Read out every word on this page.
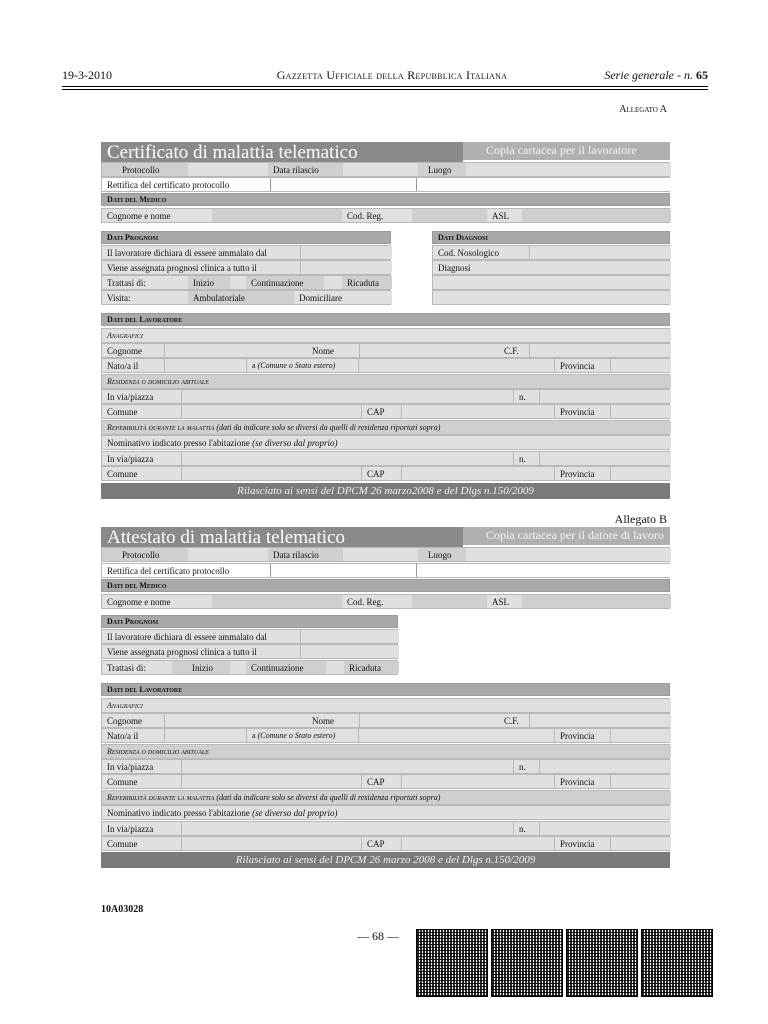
19-3-2010	Gazzetta Ufficiale della Repubblica Italiana	Serie generale - n. 65
Allegato A
Certificato di malattia telematico	Copia cartacea per il lavoratore
Protocollo	Data rilascio	Luogo
Rettifica del certificato protocollo
Dati del Medico
Cognome e nome	Cod. Reg.	ASL
Dati Prognosi
Il lavoratore dichiara di essere ammalato dal
Viene assegnata prognosi clinica a tutto il
Trattasi di:	Inizio	Continuazione	Ricaduta
Visita:	Ambulatoriale	Domiciliare
Dati Diagnosi
Cod. Nosologico
Diagnosi
Dati del Lavoratore
Anagrafici
Cognome	Nome	C.F.
Nato/a il	a (Comune o Stato estero)	Provincia
Residenza o domicilio abituale
In via/piazza	n.
Comune	CAP	Provincia
Reperibilità durante la malattia (dati da indicare solo se diversi da quelli di residenza riportati sopra)
Nominativo indicato presso l'abitazione (se diverso dal proprio)
In via/piazza	n.
Comune	CAP	Provincia
Rilasciato ai sensi del DPCM 26 marzo2008 e del Dlgs n.150/2009
Allegato B
Attestato di malattia telematico	Copia cartacea per il datore di lavoro
Protocollo	Data rilascio	Luogo
Rettifica del certificato protocollo
Dati del Medico
Cognome e nome	Cod. Reg.	ASL
Dati Prognosi
Il lavoratore dichiara di essere ammalato dal
Viene assegnata prognosi clinica a tutto il
Trattasi di:	Inizio	Continuazione	Ricaduta
Dati del Lavoratore
Anagrafici
Cognome	Nome	C.F.
Nato/a il	a (Comune o Stato estero)	Provincia
Residenza o domicilio abituale
In via/piazza	n.
Comune	CAP	Provincia
Reperibilità durante la malattia (dati da indicare solo se diversi da quelli di residenza riportati sopra)
Nominativo indicato presso l'abitazione (se diverso dal proprio)
In via/piazza	n.
Comune	CAP	Provincia
Rilasciato ai sensi del DPCM 26 marzo 2008 e del Dlgs n.150/2009
10A03028
— 68 —
